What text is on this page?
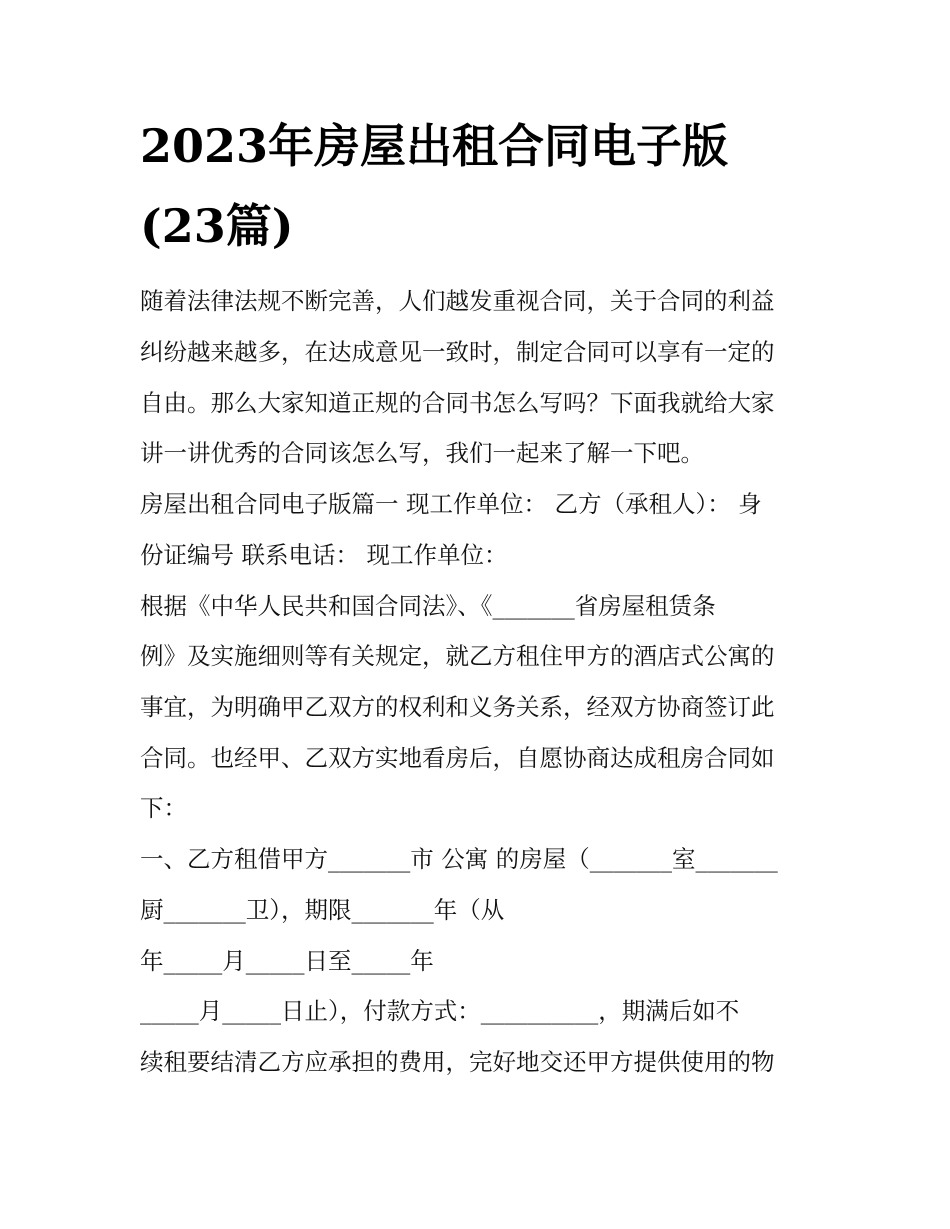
2023年房屋出租合同电子版
(23篇)
随着法律法规不断完善，人们越发重视合同，关于合同的利益
纠纷越来越多，在达成意见一致时，制定合同可以享有一定的
自由。那么大家知道正规的合同书怎么写吗？下面我就给大家
讲一讲优秀的合同该怎么写，我们一起来了解一下吧。
房屋出租合同电子版篇一 现工作单位： 乙方（承租人）： 身
份证编号 联系电话： 现工作单位：
根据《中华人民共和国合同法》、《_______省房屋租赁条
例》及实施细则等有关规定，就乙方租住甲方的酒店式公寓的
事宜，为明确甲乙双方的权利和义务关系，经双方协商签订此
合同。也经甲、乙双方实地看房后，自愿协商达成租房合同如
下：
一、乙方租借甲方_______市 公寓 的房屋（_______室_______
厨_______卫），期限_______年（从
年_____月_____日至_____年
_____月_____日止），付款方式：__________，期满后如不
续租要结清乙方应承担的费用，完好地交还甲方提供使用的物
